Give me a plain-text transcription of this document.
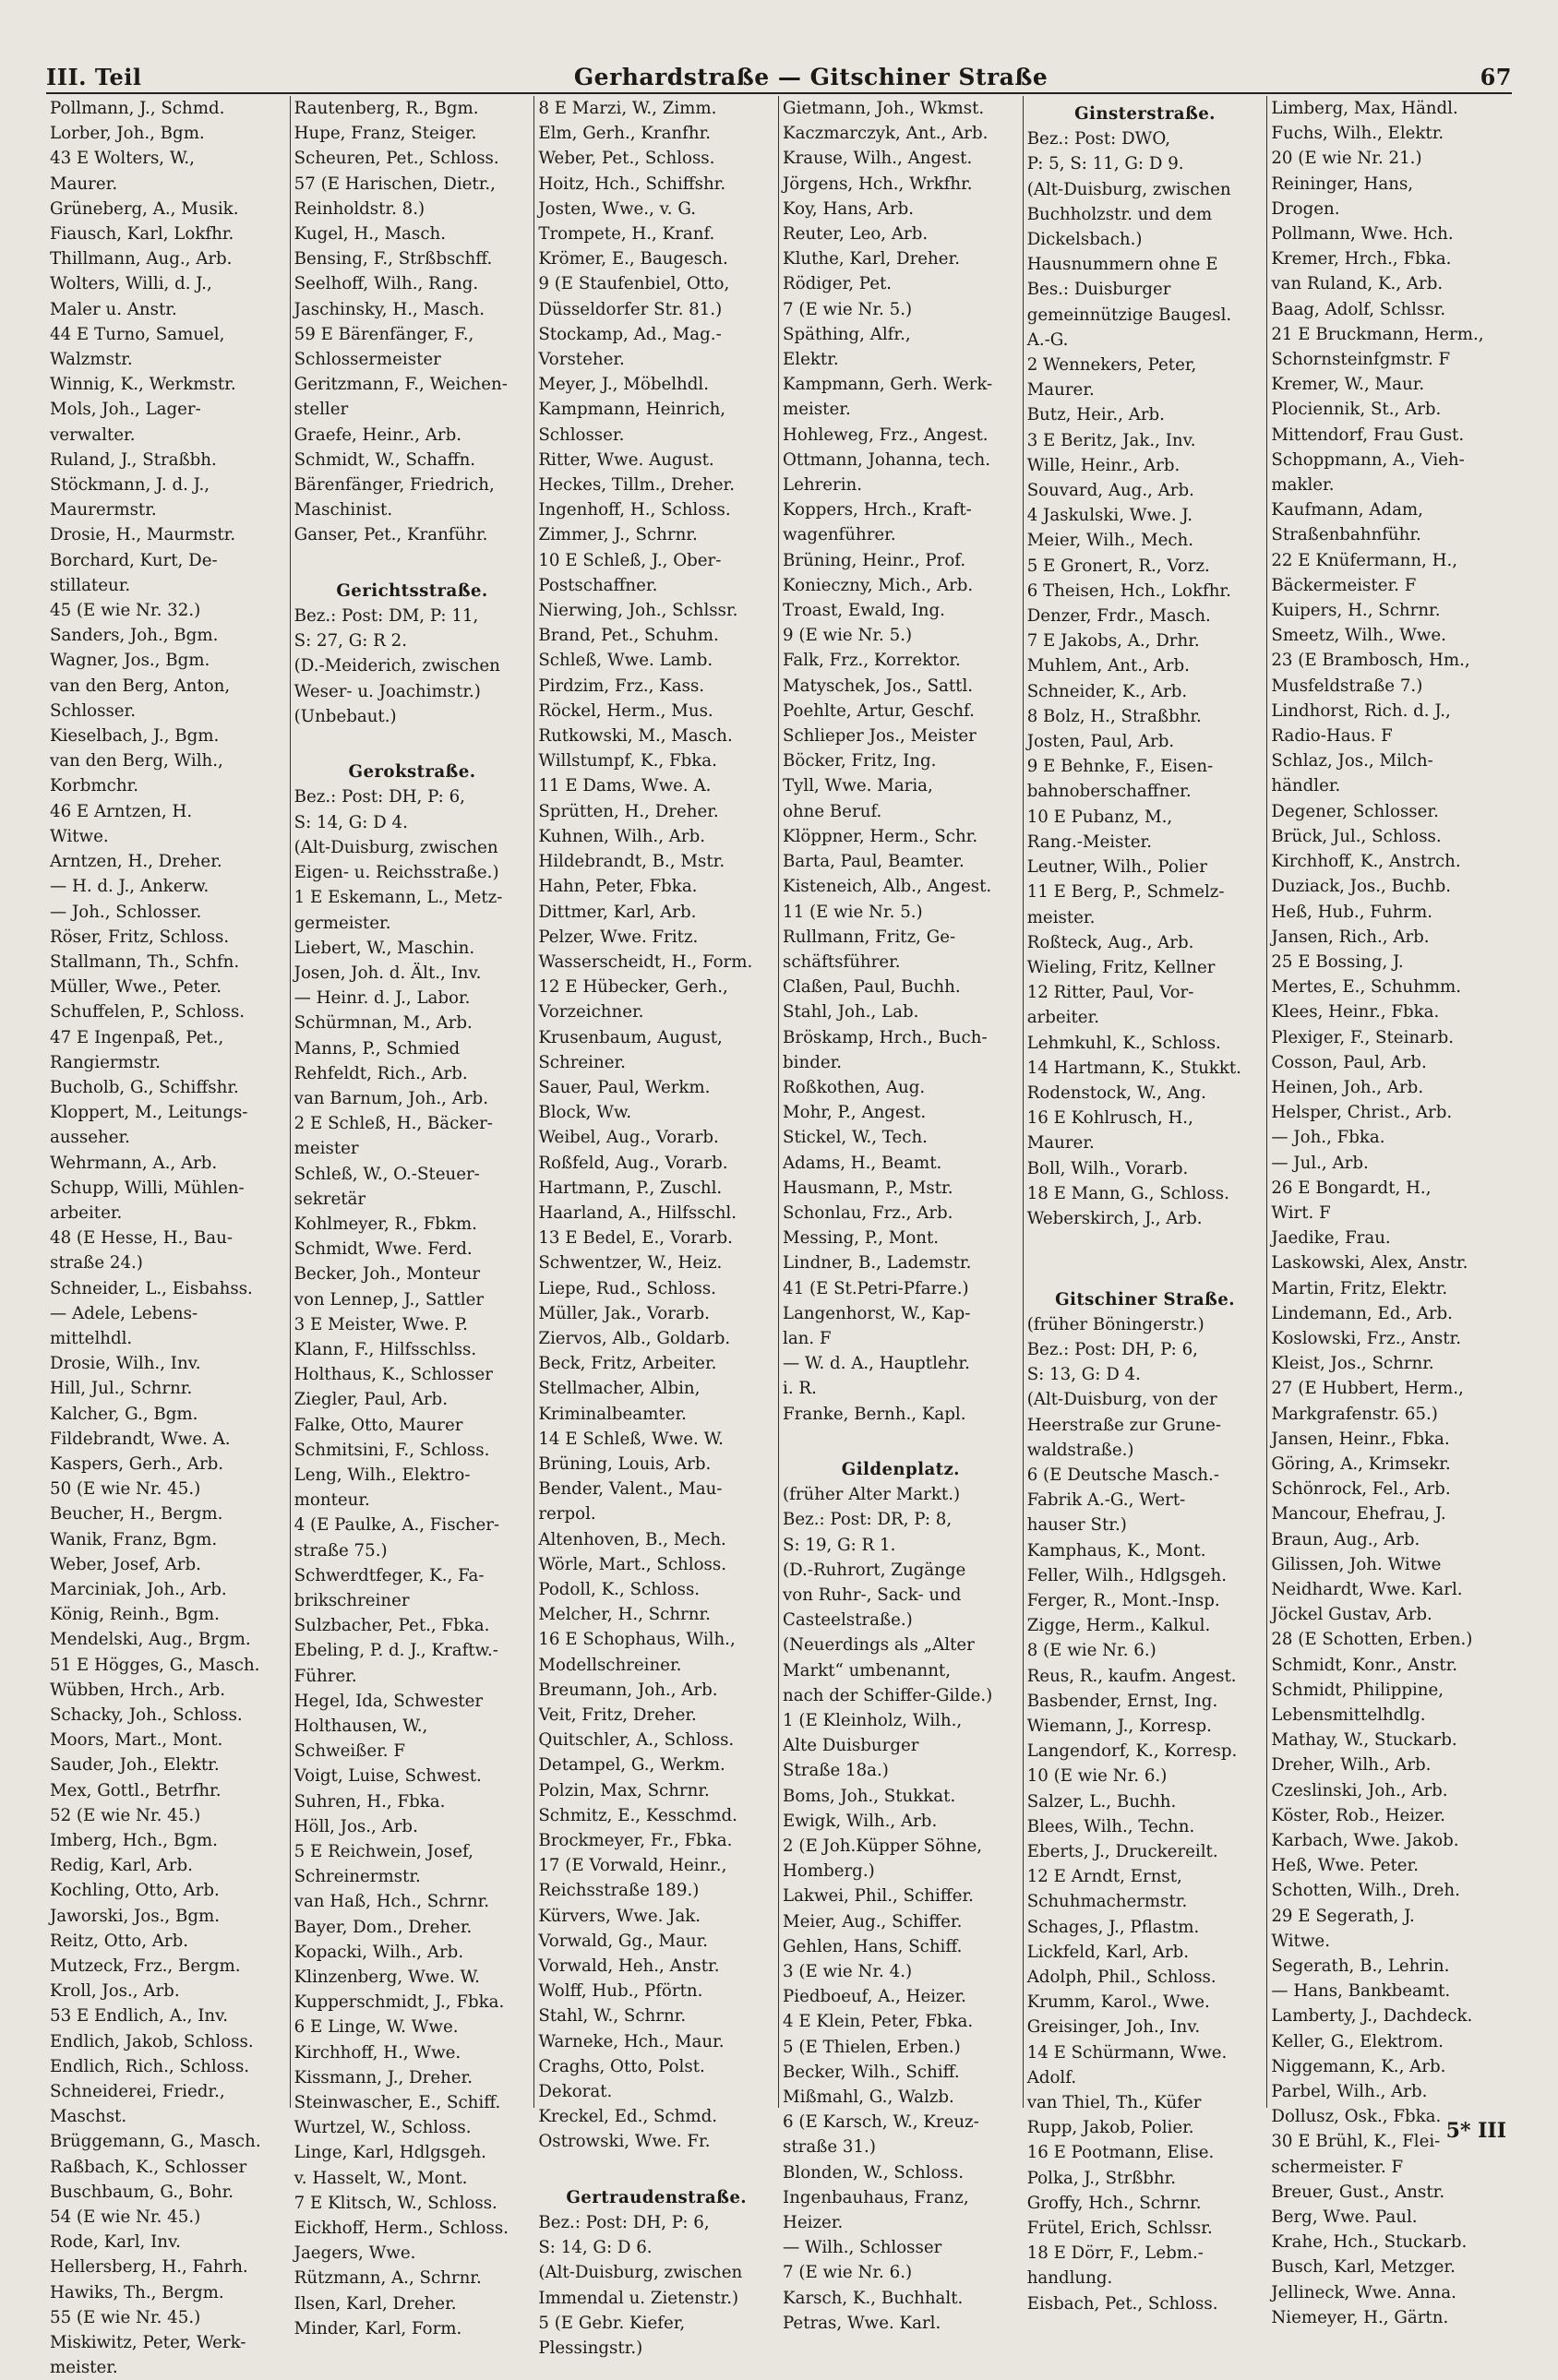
III. Teil	Gerhardstraße — Gitschiner Straße	67
Pollmann, J., Schmd.
Lorber, Joh., Bgm.
43 E Wolters, W.,
Maurer.
Grüneberg, A., Musik.
Fiausch, Karl, Lokfhr.
Thillmann, Aug., Arb.
Wolters, Willi, d. J.,
Maler u. Anstr.
44 E Turno, Samuel,
Walzmstr.
Winnig, K., Werkmstr.
Mols, Joh., Lager-
verwalter.
Ruland, J., Straßbh.
Stöckmann, J. d. J.,
Maurermstr.
Drosie, H., Maurmstr.
Borchard, Kurt, De-
stillateur.
45 (E wie Nr. 32.)
Sanders, Joh., Bgm.
Wagner, Jos., Bgm.
van den Berg, Anton,
Schlosser.
Kieselbach, J., Bgm.
van den Berg, Wilh.,
Korbmchr.
46 E Arntzen, H.
Witwe.
Arntzen, H., Dreher.
— H. d. J., Ankerw.
— Joh., Schlosser.
Röser, Fritz, Schloss.
Stallmann, Th., Schfn.
Müller, Wwe., Peter.
Schuffelen, P., Schloss.
47 E Ingenpaß, Pet.,
Rangiermstr.
Bucholb, G., Schiffshr.
Kloppert, M., Leitungs-
ausseher.
Wehrmann, A., Arb.
Schupp, Willi, Mühlen-
arbeiter.
48 (E Hesse, H., Bau-
straße 24.)
Schneider, L., Eisbahss.
— Adele, Lebens-
mittelhdl.
Drosie, Wilh., Inv.
Hill, Jul., Schrnr.
Kalcher, G., Bgm.
Fildebrandt, Wwe. A.
Kaspers, Gerh., Arb.
50 (E wie Nr. 45.)
Beucher, H., Bergm.
Wanik, Franz, Bgm.
Weber, Josef, Arb.
Marciniak, Joh., Arb.
König, Reinh., Bgm.
Mendelski, Aug., Brgm.
51 E Högges, G., Masch.
Wübben, Hrch., Arb.
Schacky, Joh., Schloss.
Moors, Mart., Mont.
Sauder, Joh., Elektr.
Mex, Gottl., Betrfhr.
52 (E wie Nr. 45.)
Imberg, Hch., Bgm.
Redig, Karl, Arb.
Kochling, Otto, Arb.
Jaworski, Jos., Bgm.
Reitz, Otto, Arb.
Mutzeck, Frz., Bergm.
Kroll, Jos., Arb.
53 E Endlich, A., Inv.
Endlich, Jakob, Schloss.
Endlich, Rich., Schloss.
Schneiderei, Friedr.,
Maschst.
Brüggemann, G., Masch.
Raßbach, K., Schlosser
Buschbaum, G., Bohr.
54 (E wie Nr. 45.)
Rode, Karl, Inv.
Hellersberg, H., Fahrh.
Hawiks, Th., Bergm.
55 (E wie Nr. 45.)
Miskiwitz, Peter, Werk-
meister.
Rautenberg, R., Bgm.
Hupe, Franz, Steiger.
Scheuren, Pet., Schloss.
57 (E Harischen, Dietr.,
Reinholdstr. 8.)
Kugel, H., Masch.
Bensing, F., Strßbschff.
Seelhoff, Wilh., Rang.
Jaschinsky, H., Masch.
59 E Bärenfänger, F.,
Schlossermeister
Geritzmann, F., Weichen-
steller
Graefe, Heinr., Arb.
Schmidt, W., Schaffn.
Bärenfänger, Friedrich,
Maschinist.
Ganser, Pet., Kranführ.

Gerichtsstraße.
Bez.: Post: DM, P: 11,
S: 27, G: R 2.
(D.-Meiderich, zwischen
Weser- u. Joachimstr.)
(Unbebaut.)

Gerokstraße.
Bez.: Post: DH, P: 6,
S: 14, G: D 4.
(Alt-Duisburg, zwischen
Eigen- u. Reichsstraße.)
1 E Eskemann, L., Metz-
germeister.
Liebert, W., Maschin.
Josen, Joh. d. Ält., Inv.
— Heinr. d. J., Labor.
Schürmnan, M., Arb.
Manns, P., Schmied
Rehfeldt, Rich., Arb.
van Barnum, Joh., Arb.
2 E Schleß, H., Bäcker-
meister
Schleß, W., O.-Steuer-
sekretär
Kohlmeyer, R., Fbkm.
Schmidt, Wwe. Ferd.
Becker, Joh., Monteur
von Lennep, J., Sattler
3 E Meister, Wwe. P.
Klann, F., Hilfsschlss.
Holthaus, K., Schlosser
Ziegler, Paul, Arb.
Falke, Otto, Maurer
Schmitsini, F., Schloss.
Leng, Wilh., Elektro-
monteur.
4 (E Paulke, A., Fischer-
straße 75.)
Schwerdtfeger, K., Fa-
brikschreiner
Sulzbacher, Pet., Fbka.
Ebeling, P. d. J., Kraftw.-
Führer.
Hegel, Ida, Schwester
Holthausen, W.,
Schweißer. F
Voigt, Luise, Schwest.
Suhren, H., Fbka.
Höll, Jos., Arb.
5 E Reichwein, Josef,
Schreinermstr.
van Haß, Hch., Schrnr.
Bayer, Dom., Dreher.
Kopacki, Wilh., Arb.
Klinzenberg, Wwe. W.
Kupperschmidt, J., Fbka.
6 E Linge, W. Wwe.
Kirchhoff, H., Wwe.
Kissmann, J., Dreher.
Steinwascher, E., Schiff.
Wurtzel, W., Schloss.
Linge, Karl, Hdlgsgeh.
v. Hasselt, W., Mont.
7 E Klitsch, W., Schloss.
Eickhoff, Herm., Schloss.
Jaegers, Wwe.
Rützmann, A., Schrnr.
Ilsen, Karl, Dreher.
Minder, Karl, Form.
8 E Marzi, W., Zimm.
Elm, Gerh., Kranfhr.
Weber, Pet., Schloss.
Hoitz, Hch., Schiffshr.
Josten, Wwe., v. G.
Trompete, H., Kranf.
Krömer, E., Baugesch.
9 (E Staufenbiel, Otto,
Düsseldorfer Str. 81.)
Stockamp, Ad., Mag.-
Vorsteher.
Meyer, J., Möbelhdl.
Kampmann, Heinrich,
Schlosser.
Ritter, Wwe. August.
Heckes, Tillm., Dreher.
Ingenhoff, H., Schloss.
Zimmer, J., Schrnr.
10 E Schleß, J., Ober-
Postschaffner.
Nierwing, Joh., Schlssr.
Brand, Pet., Schuhm.
Schleß, Wwe. Lamb.
Pirdzim, Frz., Kass.
Röckel, Herm., Mus.
Rutkowski, M., Masch.
Willstumpf, K., Fbka.
11 E Dams, Wwe. A.
Sprütten, H., Dreher.
Kuhnen, Wilh., Arb.
Hildebrandt, B., Mstr.
Hahn, Peter, Fbka.
Dittmer, Karl, Arb.
Pelzer, Wwe. Fritz.
Wasserscheidt, H., Form.
12 E Hübecker, Gerh.,
Vorzeichner.
Krusenbaum, August,
Schreiner.
Sauer, Paul, Werkm.
Block, Ww.
Weibel, Aug., Vorarb.
Roßfeld, Aug., Vorarb.
Hartmann, P., Zuschl.
Haarland, A., Hilfsschl.
13 E Bedel, E., Vorarb.
Schwentzer, W., Heiz.
Liepe, Rud., Schloss.
Müller, Jak., Vorarb.
Ziervos, Alb., Goldarb.
Beck, Fritz, Arbeiter.
Stellmacher, Albin,
Kriminalbeamter.
14 E Schleß, Wwe. W.
Brüning, Louis, Arb.
Bender, Valent., Mau-
rerpol.
Altenhoven, B., Mech.
Wörle, Mart., Schloss.
Podoll, K., Schloss.
Melcher, H., Schrnr.
16 E Schophaus, Wilh.,
Modellschreiner.
Breumann, Joh., Arb.
Veit, Fritz, Dreher.
Quitschler, A., Schloss.
Detampel, G., Werkm.
Polzin, Max, Schrnr.
Schmitz, E., Kesschmd.
Brockmeyer, Fr., Fbka.
17 (E Vorwald, Heinr.,
Reichsstraße 189.)
Kürvers, Wwe. Jak.
Vorwald, Gg., Maur.
Vorwald, Heh., Anstr.
Wolff, Hub., Pförtn.
Stahl, W., Schrnr.
Warneke, Hch., Maur.
Craghs, Otto, Polst.
Dekorat.
Kreckel, Ed., Schmd.
Ostrowski, Wwe. Fr.

Gertraudenstraße.
Bez.: Post: DH, P: 6,
S: 14, G: D 6.
(Alt-Duisburg, zwischen
Immendal u. Zietenstr.)
5 (E Gebr. Kiefer,
Plessingstr.)
Gietmann, Joh., Wkmst.
Kaczmarczyk, Ant., Arb.
Krause, Wilh., Angest.
Jörgens, Hch., Wrkfhr.
Koy, Hans, Arb.
Reuter, Leo, Arb.
Kluthe, Karl, Dreher.
Rödiger, Pet.
7 (E wie Nr. 5.)
Späthing, Alfr.,
Elektr.
Kampmann, Gerh. Werk-
meister.
Hohleweg, Frz., Angest.
Ottmann, Johanna, tech.
Lehrerin.
Koppers, Hrch., Kraft-
wagenführer.
Brüning, Heinr., Prof.
Konieczny, Mich., Arb.
Troast, Ewald, Ing.
9 (E wie Nr. 5.)
Falk, Frz., Korrektor.
Matyschek, Jos., Sattl.
Poehlte, Artur, Geschf.
Schlieper Jos., Meister
Böcker, Fritz, Ing.
Tyll, Wwe. Maria,
ohne Beruf.
Klöppner, Herm., Schr.
Barta, Paul, Beamter.
Kisteneich, Alb., Angest.
11 (E wie Nr. 5.)
Rullmann, Fritz, Ge-
schäftsführer.
Claßen, Paul, Buchh.
Stahl, Joh., Lab.
Bröskamp, Hrch., Buch-
binder.
Roßkothen, Aug.
Mohr, P., Angest.
Stickel, W., Tech.
Adams, H., Beamt.
Hausmann, P., Mstr.
Schonlau, Frz., Arb.
Messing, P., Mont.
Lindner, B., Lademstr.
41 (E St.Petri-Pfarre.)
Langenhorst, W., Kap-
lan. F
— W. d. A., Hauptlehr.
i. R.
Franke, Bernh., Kapl.

Gildenplatz.
(früher Alter Markt.)
Bez.: Post: DR, P: 8,
S: 19, G: R 1.
(D.-Ruhrort, Zugänge
von Ruhr-, Sack- und
Casteelstraße.)
(Neuerdings als „Alter
Markt“ umbenannt,
nach der Schiffer-Gilde.)
1 (E Kleinholz, Wilh.,
Alte Duisburger
Straße 18a.)
Boms, Joh., Stukkat.
Ewigk, Wilh., Arb.
2 (E Joh.Küpper Söhne,
Homberg.)
Lakwei, Phil., Schiffer.
Meier, Aug., Schiffer.
Gehlen, Hans, Schiff.
3 (E wie Nr. 4.)
Piedboeuf, A., Heizer.
4 E Klein, Peter, Fbka.
5 (E Thielen, Erben.)
Becker, Wilh., Schiff.
Mißmahl, G., Walzb.
6 (E Karsch, W., Kreuz-
straße 31.)
Blonden, W., Schloss.
Ingenbauhaus, Franz,
Heizer.
— Wilh., Schlosser
7 (E wie Nr. 6.)
Karsch, K., Buchhalt.
Petras, Wwe. Karl.
Ginsterstraße.
Bez.: Post: DWO,
P: 5, S: 11, G: D 9.
(Alt-Duisburg, zwischen
Buchholzstr. und dem
Dickelsbach.)
Hausnummern ohne E
Bes.: Duisburger
gemeinnützige Baugesl.
A.-G.
2 Wennekers, Peter,
Maurer.
Butz, Heir., Arb.
3 E Beritz, Jak., Inv.
Wille, Heinr., Arb.
Souvard, Aug., Arb.
4 Jaskulski, Wwe. J.
Meier, Wilh., Mech.
5 E Gronert, R., Vorz.
6 Theisen, Hch., Lokfhr.
Denzer, Frdr., Masch.
7 E Jakobs, A., Drhr.
Muhlem, Ant., Arb.
Schneider, K., Arb.
8 Bolz, H., Straßbhr.
Josten, Paul, Arb.
9 E Behnke, F., Eisen-
bahnoberschaffner.
10 E Pubanz, M.,
Rang.-Meister.
Leutner, Wilh., Polier
11 E Berg, P., Schmelz-
meister.
Roßteck, Aug., Arb.
Wieling, Fritz, Kellner
12 Ritter, Paul, Vor-
arbeiter.
Lehmkuhl, K., Schloss.
14 Hartmann, K., Stukkt.
Rodenstock, W., Ang.
16 E Kohlrusch, H.,
Maurer.
Boll, Wilh., Vorarb.
18 E Mann, G., Schloss.
Weberskirch, J., Arb.

Gitschiner Straße.
(früher Böningerstr.)
Bez.: Post: DH, P: 6,
S: 13, G: D 4.
(Alt-Duisburg, von der
Heerstraße zur Grune-
waldstraße.)
6 (E Deutsche Masch.-
Fabrik A.-G., Wert-
hauser Str.)
Kamphaus, K., Mont.
Feller, Wilh., Hdlgsgeh.
Ferger, R., Mont.-Insp.
Zigge, Herm., Kalkul.
8 (E wie Nr. 6.)
Reus, R., kaufm. Angest.
Basbender, Ernst, Ing.
Wiemann, J., Korresp.
Langendorf, K., Korresp.
10 (E wie Nr. 6.)
Salzer, L., Buchh.
Blees, Wilh., Techn.
Eberts, J., Druckereilt.
12 E Arndt, Ernst,
Schuhmachermstr.
Schages, J., Pflastm.
Lickfeld, Karl, Arb.
Adolph, Phil., Schloss.
Krumm, Karol., Wwe.
Greisinger, Joh., Inv.
14 E Schürmann, Wwe.
Adolf.
van Thiel, Th., Küfer
Rupp, Jakob, Polier.
16 E Pootmann, Elise.
Polka, J., Strßbhr.
Groffy, Hch., Schrnr.
Frütel, Erich, Schlssr.
18 E Dörr, F., Lebm.-
handlung.
Eisbach, Pet., Schloss.
Limberg, Max, Händl.
Fuchs, Wilh., Elektr.
20 (E wie Nr. 21.)
Reininger, Hans,
Drogen.
Pollmann, Wwe. Hch.
Kremer, Hrch., Fbka.
van Ruland, K., Arb.
Baag, Adolf, Schlssr.
21 E Bruckmann, Herm.,
Schornsteinfgmstr. F
Kremer, W., Maur.
Plociennik, St., Arb.
Mittendorf, Frau Gust.
Schoppmann, A., Vieh-
makler.
Kaufmann, Adam,
Straßenbahnführ.
22 E Knüfermann, H.,
Bäckermeister. F
Kuipers, H., Schrnr.
Smeetz, Wilh., Wwe.
23 (E Brambosch, Hm.,
Musfeldstraße 7.)
Lindhorst, Rich. d. J.,
Radio-Haus. F
Schlaz, Jos., Milch-
händler.
Degener, Schlosser.
Brück, Jul., Schloss.
Kirchhoff, K., Anstrch.
Duziack, Jos., Buchb.
Heß, Hub., Fuhrm.
Jansen, Rich., Arb.
25 E Bossing, J.
Mertes, E., Schuhmm.
Klees, Heinr., Fbka.
Plexiger, F., Steinarb.
Cosson, Paul, Arb.
Heinen, Joh., Arb.
Helsper, Christ., Arb.
— Joh., Fbka.
— Jul., Arb.
26 E Bongardt, H.,
Wirt. F
Jaedike, Frau.
Laskowski, Alex, Anstr.
Martin, Fritz, Elektr.
Lindemann, Ed., Arb.
Koslowski, Frz., Anstr.
Kleist, Jos., Schrnr.
27 (E Hubbert, Herm.,
Markgrafenstr. 65.)
Jansen, Heinr., Fbka.
Göring, A., Krimsekr.
Schönrock, Fel., Arb.
Mancour, Ehefrau, J.
Braun, Aug., Arb.
Gilissen, Joh. Witwe
Neidhardt, Wwe. Karl.
Jöckel Gustav, Arb.
28 (E Schotten, Erben.)
Schmidt, Konr., Anstr.
Schmidt, Philippine,
Lebensmittelhdlg.
Mathay, W., Stuckarb.
Dreher, Wilh., Arb.
Czeslinski, Joh., Arb.
Köster, Rob., Heizer.
Karbach, Wwe. Jakob.
Heß, Wwe. Peter.
Schotten, Wilh., Dreh.
29 E Segerath, J.
Witwe.
Segerath, B., Lehrin.
— Hans, Bankbeamt.
Lamberty, J., Dachdeck.
Keller, G., Elektrom.
Niggemann, K., Arb.
Parbel, Wilh., Arb.
Dollusz, Osk., Fbka.
30 E Brühl, K., Flei-
schermeister. F
Breuer, Gust., Anstr.
Berg, Wwe. Paul.
Krahe, Hch., Stuckarb.
Busch, Karl, Metzger.
Jellineck, Wwe. Anna.
Niemeyer, H., Gärtn.
5* III
